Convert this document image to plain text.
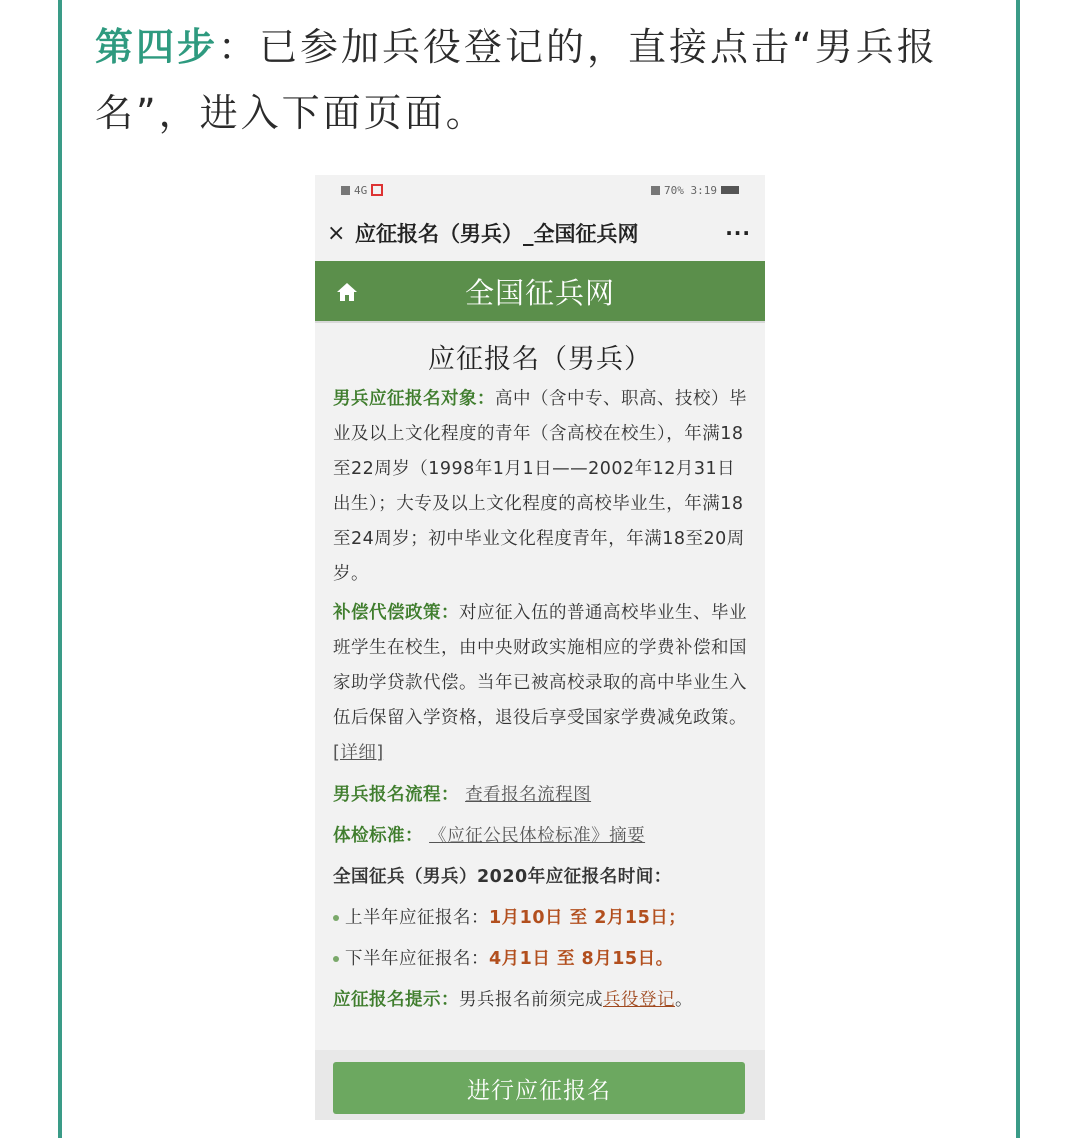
第四步：已参加兵役登记的，直接点击“男兵报名”，进入下面页面。
4G	70% 3:19
× 应征报名（男兵）_全国征兵网	···
全国征兵网
应征报名（男兵）

男兵应征报名对象：高中（含中专、职高、技校）毕业及以上文化程度的青年（含高校在校生），年满18至22周岁（1998年1月1日——2002年12月31日出生）；大专及以上文化程度的高校毕业生，年满18至24周岁；初中毕业文化程度青年，年满18至20周岁。

补偿代偿政策：对应征入伍的普通高校毕业生、毕业班学生在校生，由中央财政实施相应的学费补偿和国家助学贷款代偿。当年已被高校录取的高中毕业生入伍后保留入学资格，退役后享受国家学费减免政策。[详细]

男兵报名流程： 查看报名流程图
体检标准： 《应征公民体检标准》摘要
全国征兵（男兵）2020年应征报名时间：
上半年应征报名：1月10日 至 2月15日；
下半年应征报名：4月1日 至 8月15日。
应征报名提示：男兵报名前须完成兵役登记。
进行应征报名
